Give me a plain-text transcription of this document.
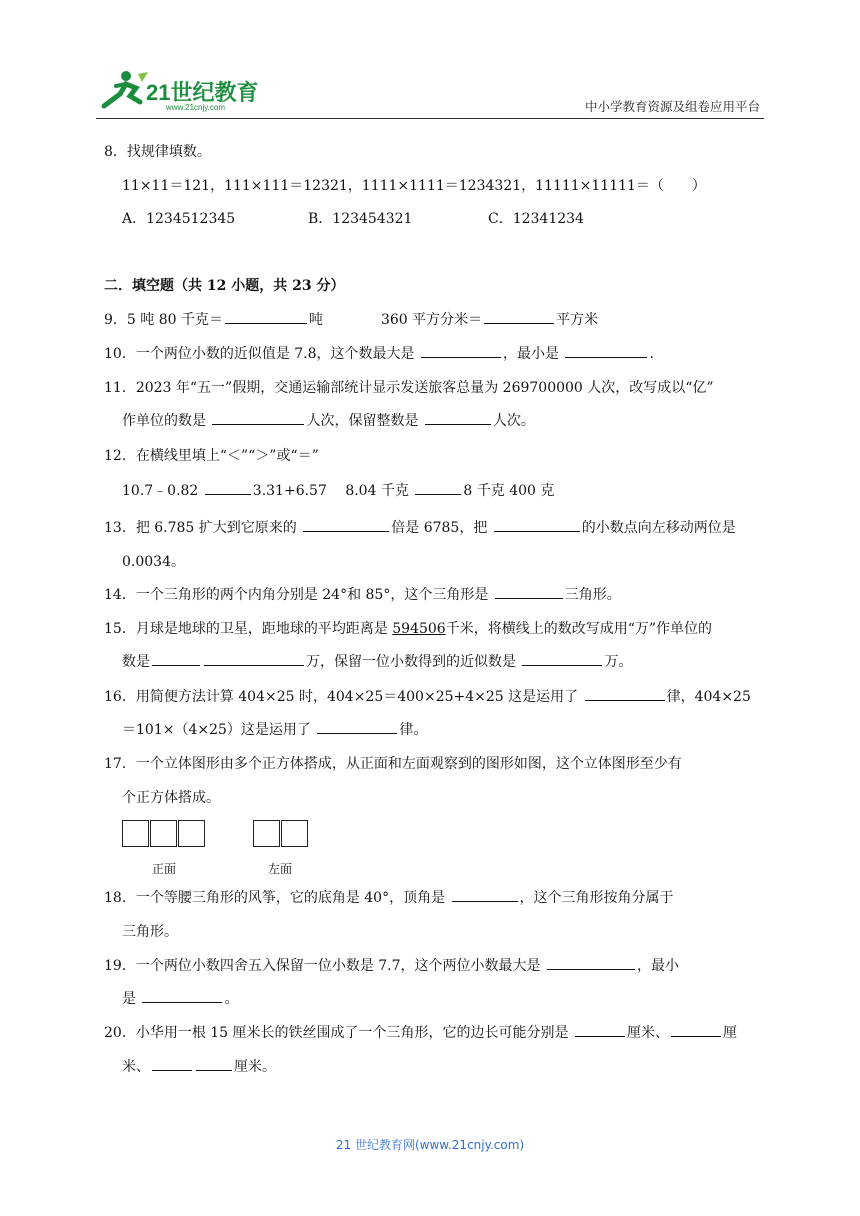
21世纪教育
www.21cnjy.com	中小学教育资源及组卷应用平台
8．找规律填数。
11×11＝121，111×111＝12321，1111×1111＝1234321，11111×11111＝（　　）
A．1234512345	B．123454321	C．12341234
二．填空题（共 12 小题，共 23 分）
9．5 吨 80 千克＝	吨	360 平方分米＝	平方米
10．一个两位小数的近似值是 7.8，这个数最大是	，最小是	.
11．2023 年“五一”假期，交通运输部统计显示发送旅客总量为 269700000 人次，改写成以“亿”
作单位的数是	人次，保留整数是	人次。
12．在横线里填上“＜”“＞”或“＝”
10.7﹣0.82	3.31+6.57　 8.04 千克	8 千克 400 克
13．把 6.785 扩大到它原来的	倍是 6785，把	的小数点向左移动两位是
0.0034。
14．一个三角形的两个内角分别是 24°和 85°，这个三角形是	三角形。
15．月球是地球的卫星，距地球的平均距离是 594506千米，将横线上的数改写成用“万”作单位的
数是	万，保留一位小数得到的近似数是	万。
16．用简便方法计算 404×25 时，404×25＝400×25+4×25 这是运用了	律，404×25
＝101×（4×25）这是运用了	律。
17．一个立体图形由多个正方体搭成，从正面和左面观察到的图形如图，这个立体图形至少有
个正方体搭成。
正面	左面
18．一个等腰三角形的风筝，它的底角是 40°，顶角是	，这个三角形按角分属于
三角形。
19．一个两位小数四舍五入保留一位小数是 7.7，这个两位小数最大是	，最小
是	。
20．小华用一根 15 厘米长的铁丝围成了一个三角形，它的边长可能分别是	厘米、	厘
米、	厘米。
21 世纪教育网(www.21cnjy.com)
